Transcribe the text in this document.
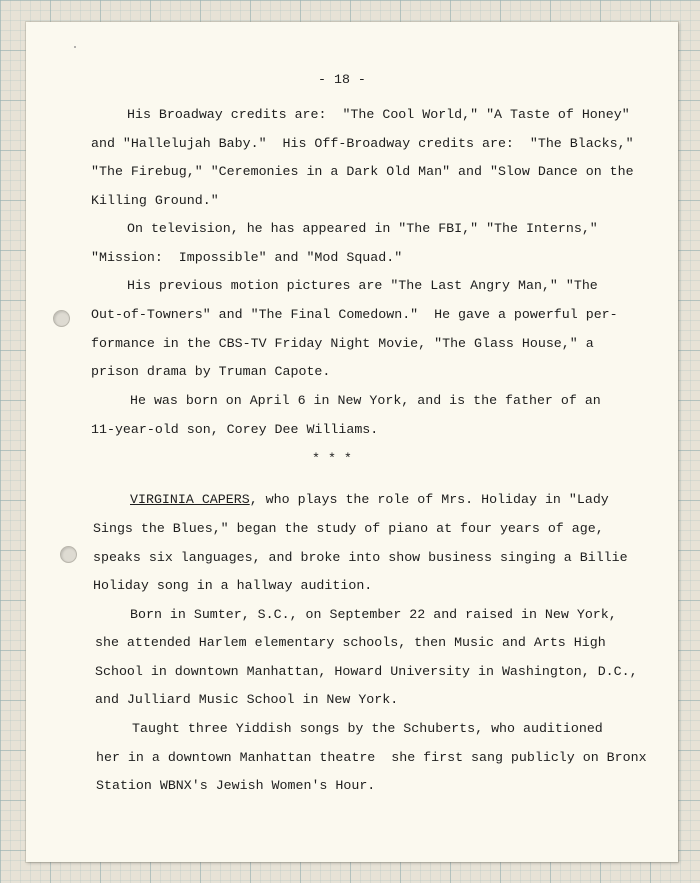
- 18 -
His Broadway credits are:  "The Cool World," "A Taste of Honey"
and "Hallelujah Baby."  His Off-Broadway credits are:  "The Blacks,"
"The Firebug," "Ceremonies in a Dark Old Man" and "Slow Dance on the
Killing Ground."
On television, he has appeared in "The FBI," "The Interns,"
"Mission:  Impossible" and "Mod Squad."
His previous motion pictures are "The Last Angry Man," "The
Out-of-Towners" and "The Final Comedown."  He gave a powerful per-
formance in the CBS-TV Friday Night Movie, "The Glass House," a
prison drama by Truman Capote.
He was born on April 6 in New York, and is the father of an
11-year-old son, Corey Dee Williams.
* * *
VIRGINIA CAPERS, who plays the role of Mrs. Holiday in "Lady
Sings the Blues," began the study of piano at four years of age,
speaks six languages, and broke into show business singing a Billie
Holiday song in a hallway audition.
Born in Sumter, S.C., on September 22 and raised in New York,
she attended Harlem elementary schools, then Music and Arts High
School in downtown Manhattan, Howard University in Washington, D.C.,
and Julliard Music School in New York.
Taught three Yiddish songs by the Schuberts, who auditioned
her in a downtown Manhattan theatre  she first sang publicly on Bronx
Station WBNX's Jewish Women's Hour.
